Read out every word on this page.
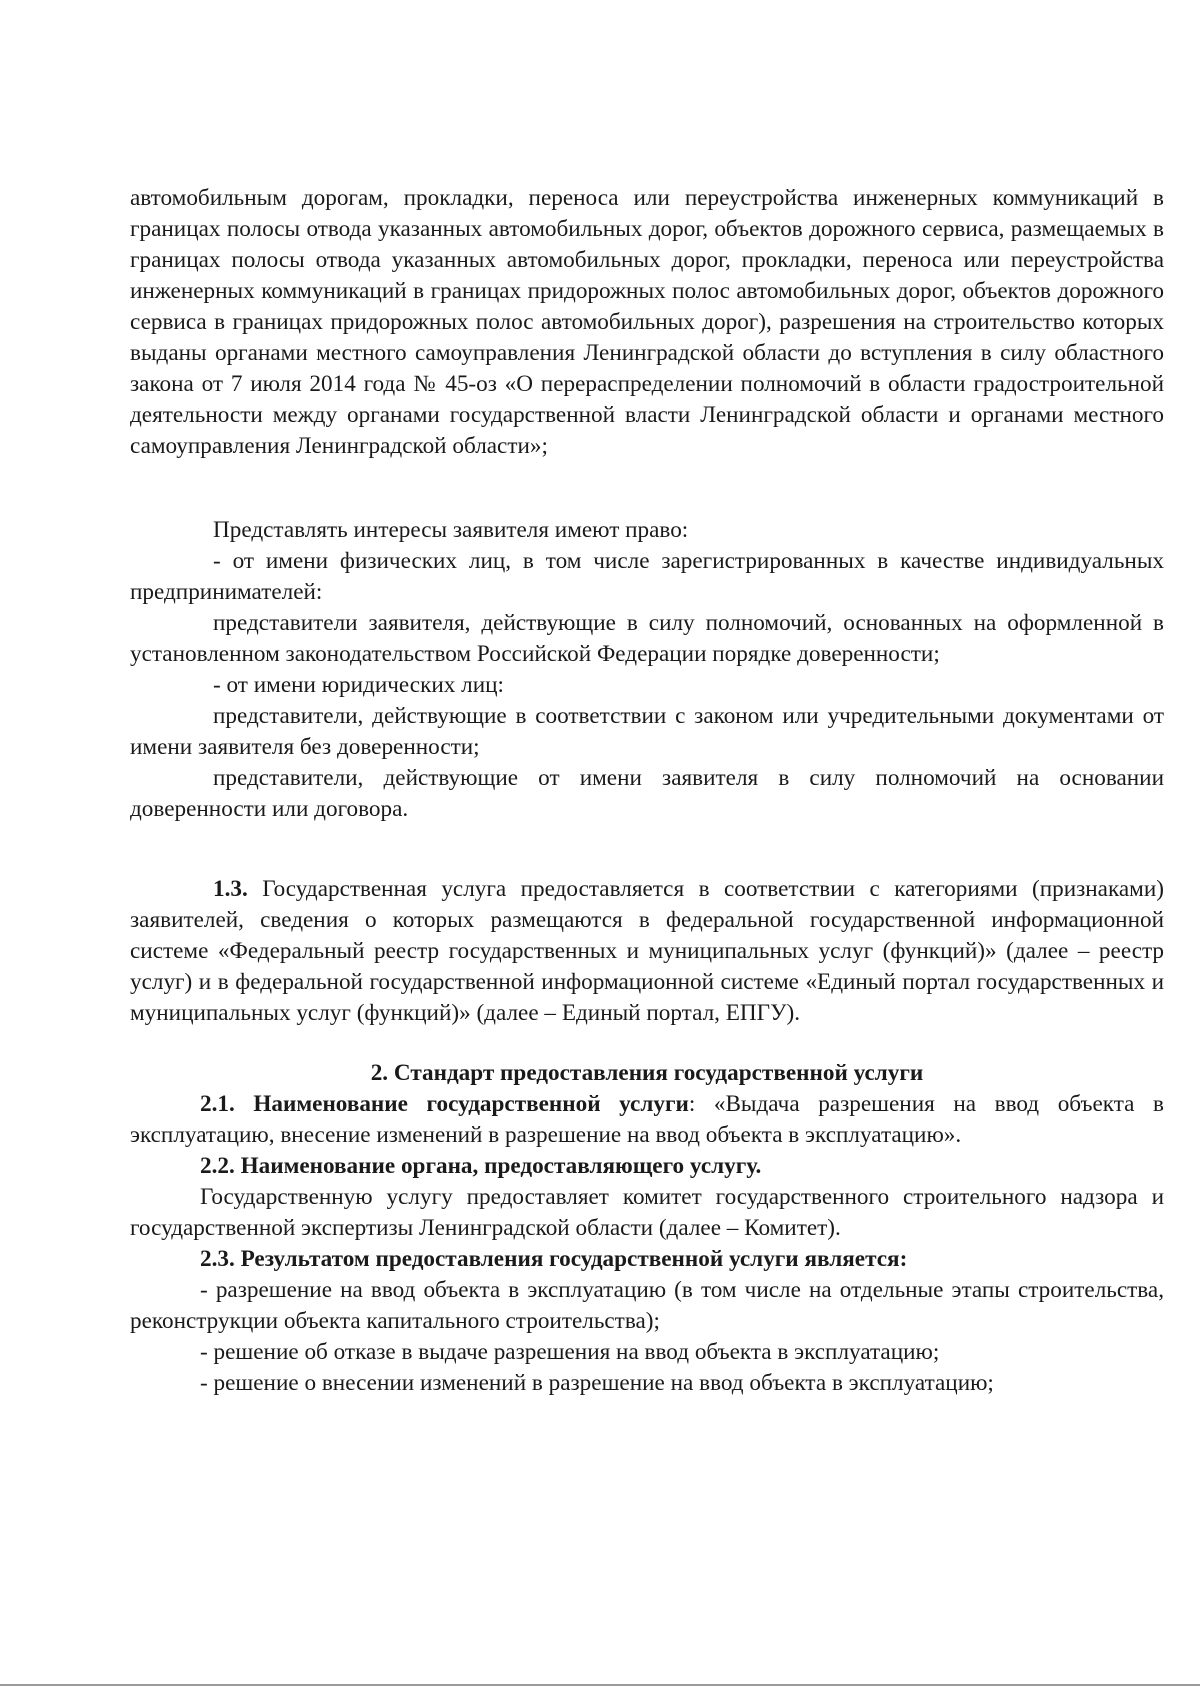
автомобильным дорогам, прокладки, переноса или переустройства инженерных коммуникаций в границах полосы отвода указанных автомобильных дорог, объектов дорожного сервиса, размещаемых в границах полосы отвода указанных автомобильных дорог, прокладки, переноса или переустройства инженерных коммуникаций в границах придорожных полос автомобильных дорог, объектов дорожного сервиса в границах придорожных полос автомобильных дорог), разрешения на строительство которых выданы органами местного самоуправления Ленинградской области до вступления в силу областного закона от 7 июля 2014 года № 45-оз «О перераспределении полномочий в области градостроительной деятельности между органами государственной власти Ленинградской области и органами местного самоуправления Ленинградской области»;

Представлять интересы заявителя имеют право:

- от имени физических лиц, в том числе зарегистрированных в качестве индивидуальных предпринимателей:

представители заявителя, действующие в силу полномочий, основанных на оформленной в установленном законодательством Российской Федерации порядке доверенности;

- от имени юридических лиц:

представители, действующие в соответствии с законом или учредительными документами от имени заявителя без доверенности;

представители, действующие от имени заявителя в силу полномочий на основании доверенности или договора.

1.3. Государственная услуга предоставляется в соответствии с категориями (признаками) заявителей, сведения о которых размещаются в федеральной государственной информационной системе «Федеральный реестр государственных и муниципальных услуг (функций)» (далее – реестр услуг) и в федеральной государственной информационной системе «Единый портал государственных и муниципальных услуг (функций)» (далее – Единый портал, ЕПГУ).

2. Стандарт предоставления государственной услуги

2.1. Наименование государственной услуги: «Выдача разрешения на ввод объекта в эксплуатацию, внесение изменений в разрешение на ввод объекта в эксплуатацию».

2.2. Наименование органа, предоставляющего услугу.

Государственную услугу предоставляет комитет государственного строительного надзора и государственной экспертизы Ленинградской области (далее – Комитет).

2.3. Результатом предоставления государственной услуги является:

- разрешение на ввод объекта в эксплуатацию (в том числе на отдельные этапы строительства, реконструкции объекта капитального строительства);

- решение об отказе в выдаче разрешения на ввод объекта в эксплуатацию;

- решение о внесении изменений в разрешение на ввод объекта в эксплуатацию;
